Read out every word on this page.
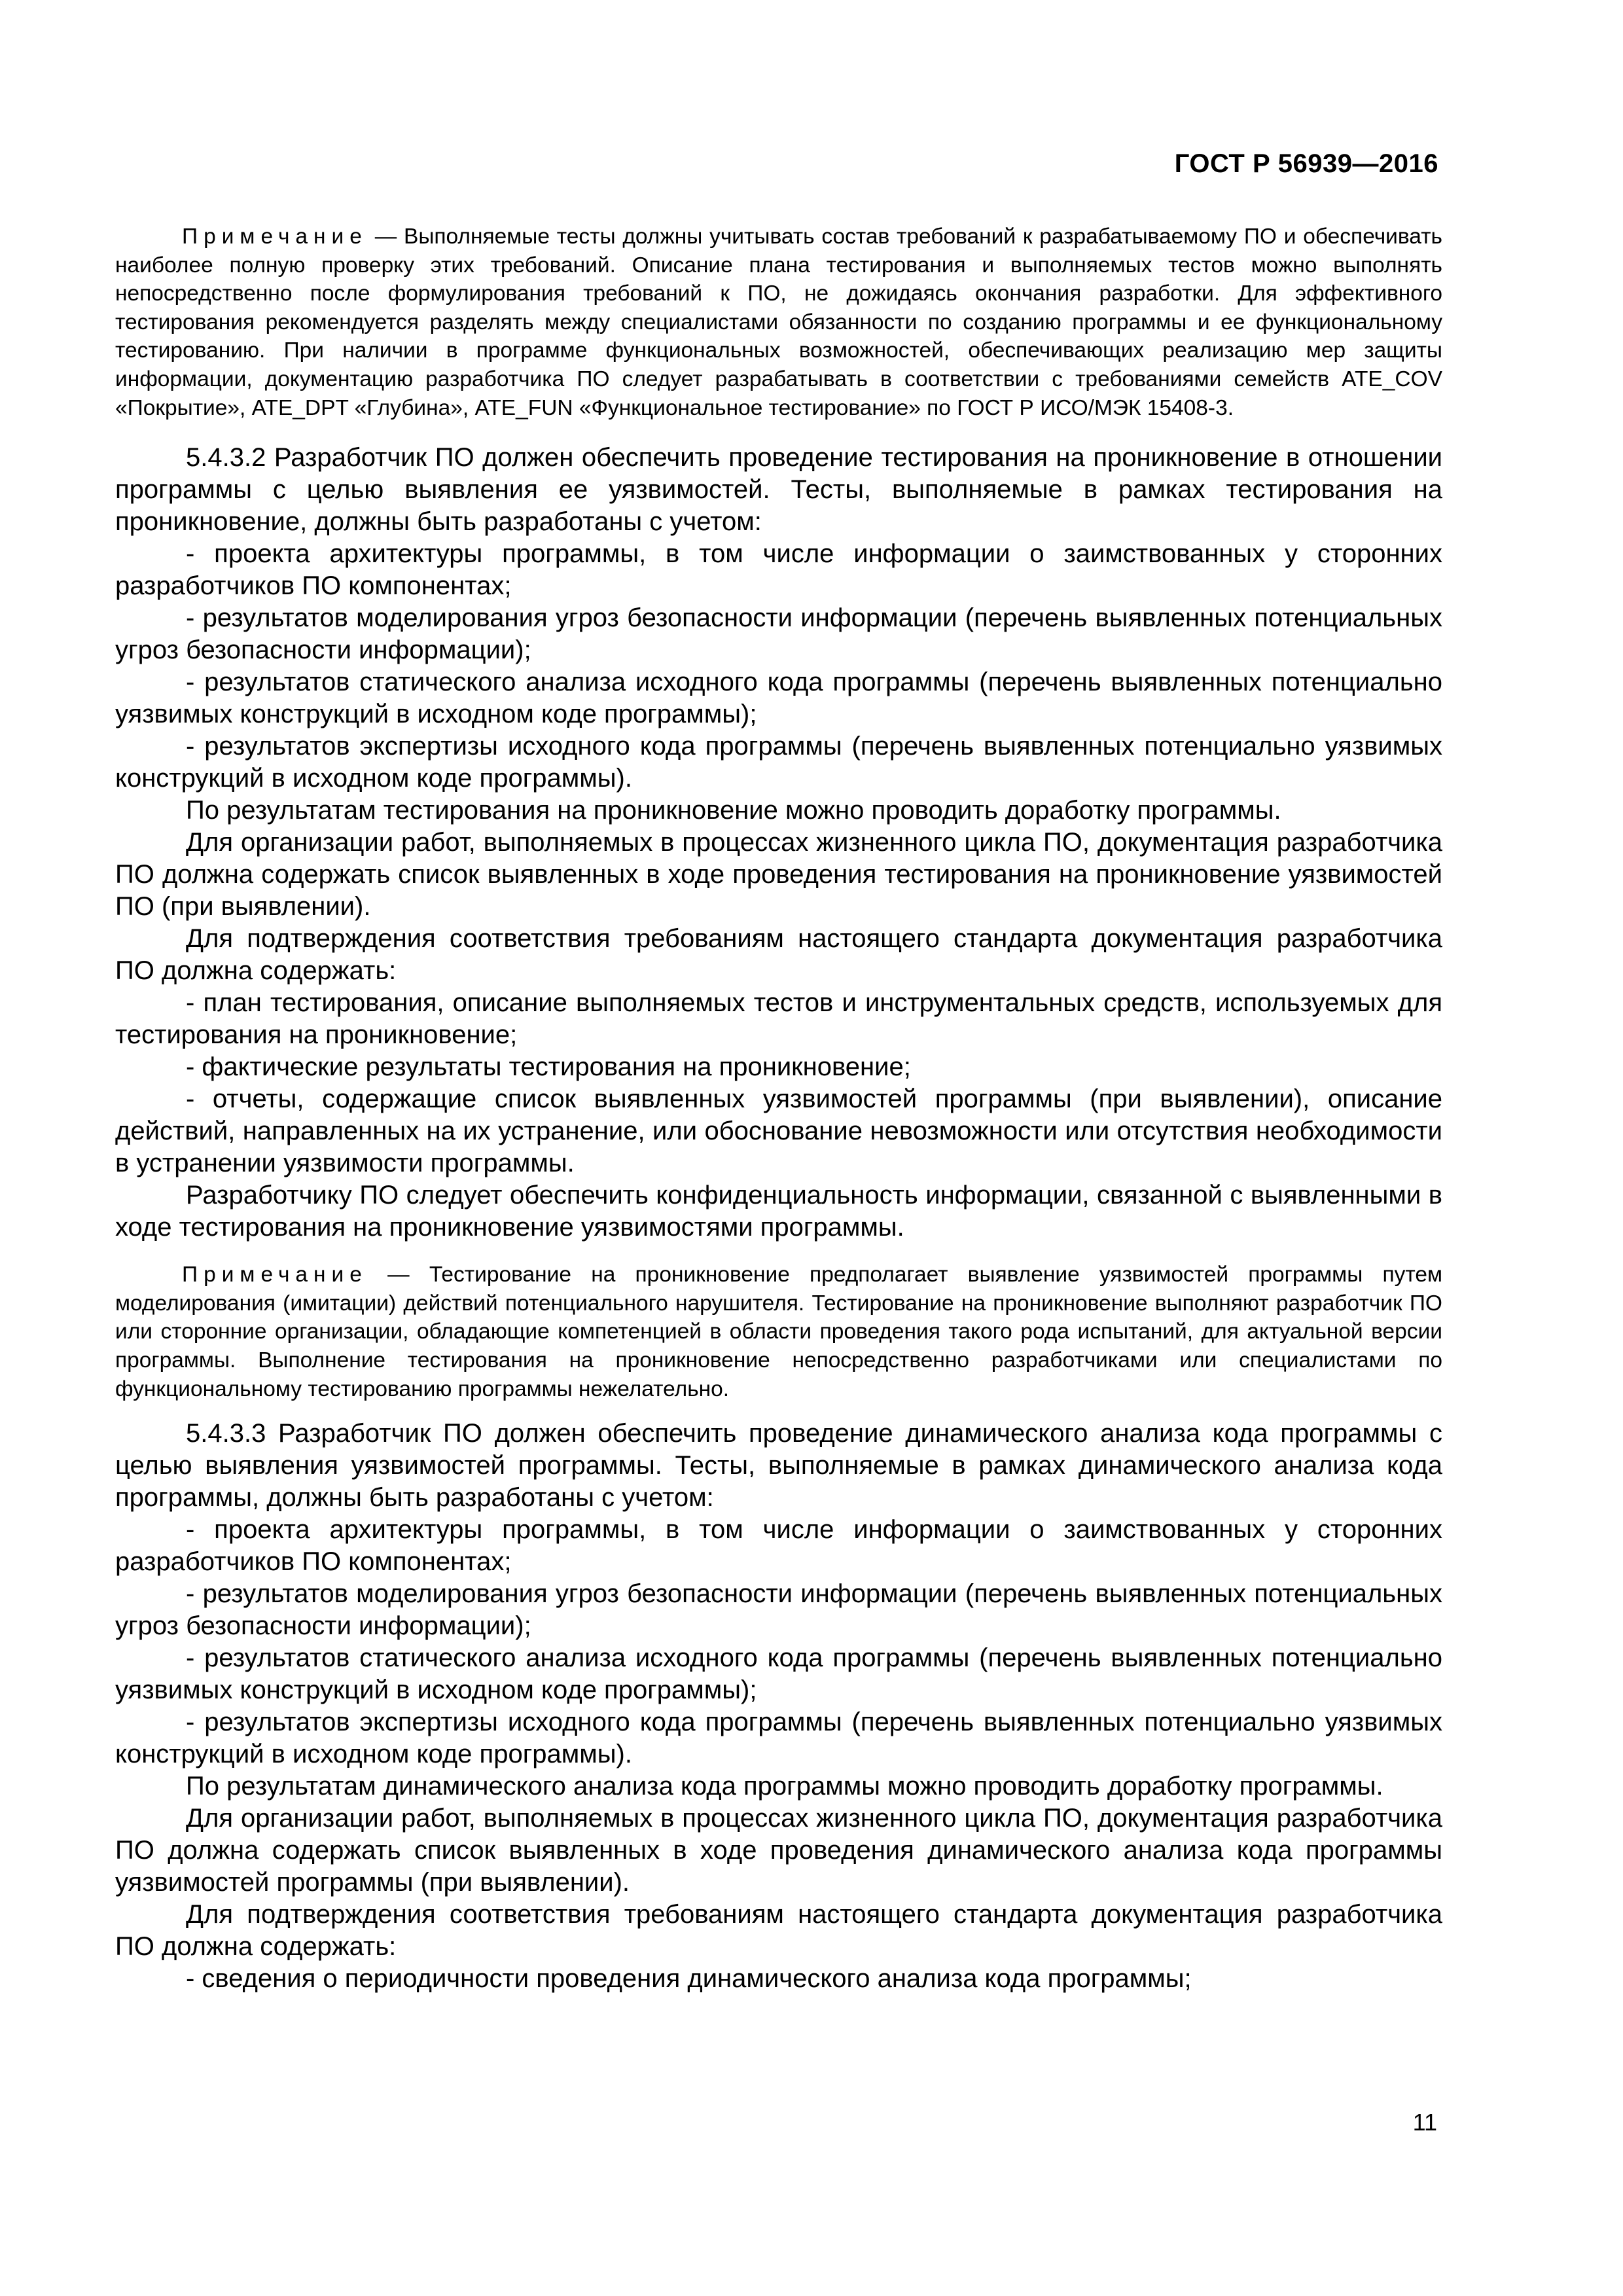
ГОСТ Р 56939—2016

Примечание — Выполняемые тесты должны учитывать состав требований к разрабатываемому ПО и обеспечивать наиболее полную проверку этих требований. Описание плана тестирования и выполняемых тестов можно выполнять непосредственно после формулирования требований к ПО, не дожидаясь окончания разработки. Для эффективного тестирования рекомендуется разделять между специалистами обязанности по созданию программы и ее функциональному тестированию. При наличии в программе функциональных возможностей, обеспечивающих реализацию мер защиты информации, документацию разработчика ПО следует разрабатывать в соответствии с требованиями семейств ATE_COV «Покрытие», ATE_DPT «Глубина», ATE_FUN «Функциональное тестирование» по ГОСТ Р ИСО/МЭК 15408-3.

5.4.3.2 Разработчик ПО должен обеспечить проведение тестирования на проникновение в отношении программы с целью выявления ее уязвимостей. Тесты, выполняемые в рамках тестирования на проникновение, должны быть разработаны с учетом:

- проекта архитектуры программы, в том числе информации о заимствованных у сторонних разработчиков ПО компонентах;

- результатов моделирования угроз безопасности информации (перечень выявленных потенциальных угроз безопасности информации);

- результатов статического анализа исходного кода программы (перечень выявленных потенциально уязвимых конструкций в исходном коде программы);

- результатов экспертизы исходного кода программы (перечень выявленных потенциально уязвимых конструкций в исходном коде программы).

По результатам тестирования на проникновение можно проводить доработку программы.

Для организации работ, выполняемых в процессах жизненного цикла ПО, документация разработчика ПО должна содержать список выявленных в ходе проведения тестирования на проникновение уязвимостей ПО (при выявлении).

Для подтверждения соответствия требованиям настоящего стандарта документация разработчика ПО должна содержать:

- план тестирования, описание выполняемых тестов и инструментальных средств, используемых для тестирования на проникновение;

- фактические результаты тестирования на проникновение;

- отчеты, содержащие список выявленных уязвимостей программы (при выявлении), описание действий, направленных на их устранение, или обоснование невозможности или отсутствия необходимости в устранении уязвимости программы.

Разработчику ПО следует обеспечить конфиденциальность информации, связанной с выявленными в ходе тестирования на проникновение уязвимостями программы.

Примечание — Тестирование на проникновение предполагает выявление уязвимостей программы путем моделирования (имитации) действий потенциального нарушителя. Тестирование на проникновение выполняют разработчик ПО или сторонние организации, обладающие компетенцией в области проведения такого рода испытаний, для актуальной версии программы. Выполнение тестирования на проникновение непосредственно разработчиками или специалистами по функциональному тестированию программы нежелательно.

5.4.3.3 Разработчик ПО должен обеспечить проведение динамического анализа кода программы с целью выявления уязвимостей программы. Тесты, выполняемые в рамках динамического анализа кода программы, должны быть разработаны с учетом:

- проекта архитектуры программы, в том числе информации о заимствованных у сторонних разработчиков ПО компонентах;

- результатов моделирования угроз безопасности информации (перечень выявленных потенциальных угроз безопасности информации);

- результатов статического анализа исходного кода программы (перечень выявленных потенциально уязвимых конструкций в исходном коде программы);

- результатов экспертизы исходного кода программы (перечень выявленных потенциально уязвимых конструкций в исходном коде программы).

По результатам динамического анализа кода программы можно проводить доработку программы.

Для организации работ, выполняемых в процессах жизненного цикла ПО, документация разработчика ПО должна содержать список выявленных в ходе проведения динамического анализа кода программы уязвимостей программы (при выявлении).

Для подтверждения соответствия требованиям настоящего стандарта документация разработчика ПО должна содержать:

- сведения о периодичности проведения динамического анализа кода программы;

11
